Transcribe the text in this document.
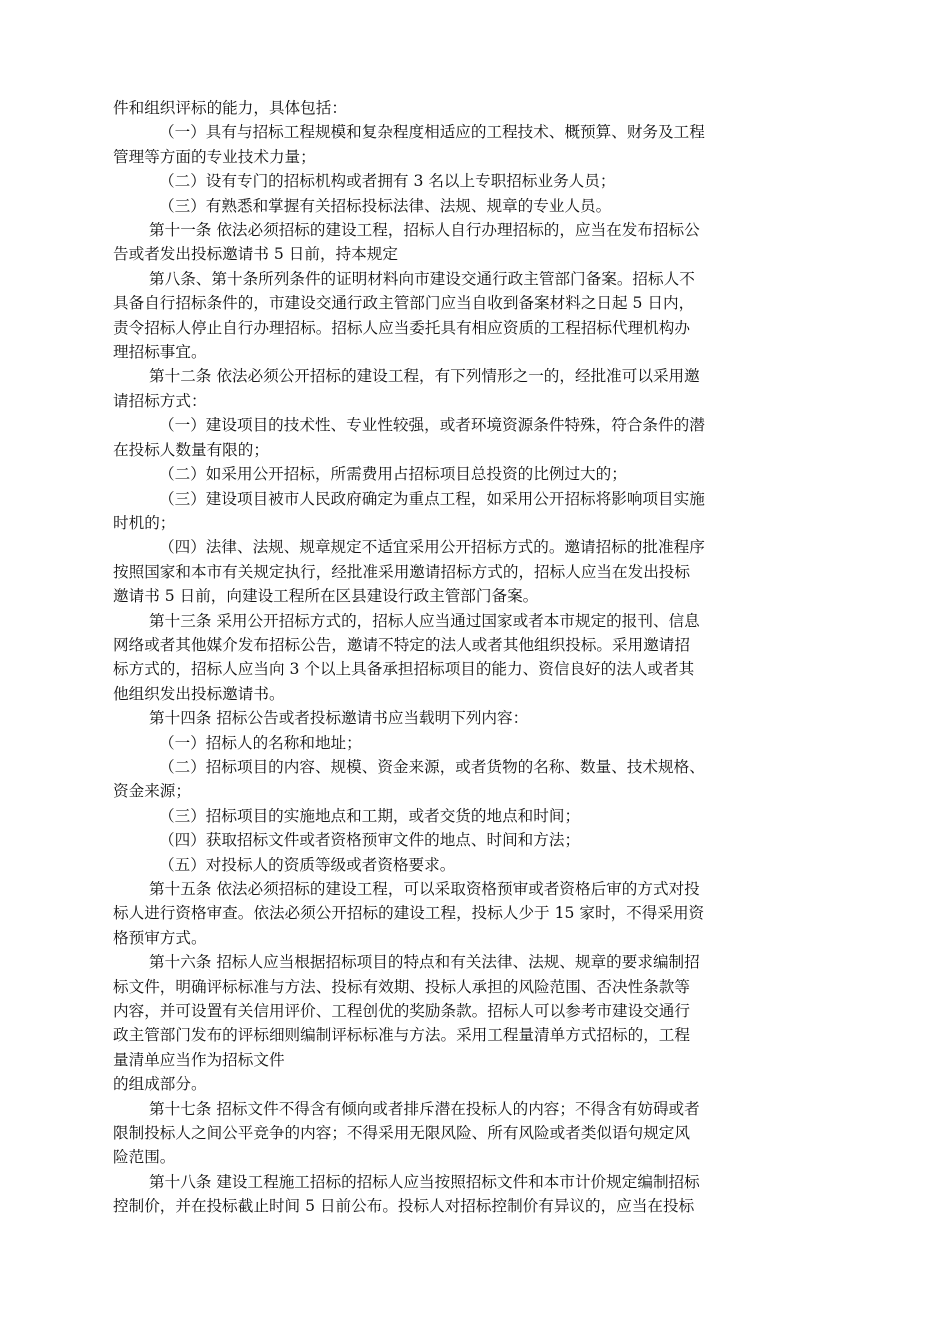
件和组织评标的能力，具体包括：

（一）具有与招标工程规模和复杂程度相适应的工程技术、概预算、财务及工程

管理等方面的专业技术力量；

（二）设有专门的招标机构或者拥有 3 名以上专职招标业务人员；

（三）有熟悉和掌握有关招标投标法律、法规、规章的专业人员。

第十一条 依法必须招标的建设工程，招标人自行办理招标的，应当在发布招标公

告或者发出投标邀请书 5 日前，持本规定

第八条、第十条所列条件的证明材料向市建设交通行政主管部门备案。招标人不

具备自行招标条件的，市建设交通行政主管部门应当自收到备案材料之日起 5 日内，

责令招标人停止自行办理招标。招标人应当委托具有相应资质的工程招标代理机构办

理招标事宜。

第十二条 依法必须公开招标的建设工程，有下列情形之一的，经批准可以采用邀

请招标方式：

（一）建设项目的技术性、专业性较强，或者环境资源条件特殊，符合条件的潜

在投标人数量有限的；

（二）如采用公开招标，所需费用占招标项目总投资的比例过大的；

（三）建设项目被市人民政府确定为重点工程，如采用公开招标将影响项目实施

时机的；

（四）法律、法规、规章规定不适宜采用公开招标方式的。邀请招标的批准程序

按照国家和本市有关规定执行，经批准采用邀请招标方式的，招标人应当在发出投标

邀请书 5 日前，向建设工程所在区县建设行政主管部门备案。

第十三条 采用公开招标方式的，招标人应当通过国家或者本市规定的报刊、信息

网络或者其他媒介发布招标公告，邀请不特定的法人或者其他组织投标。采用邀请招

标方式的，招标人应当向 3 个以上具备承担招标项目的能力、资信良好的法人或者其

他组织发出投标邀请书。

第十四条 招标公告或者投标邀请书应当载明下列内容：

（一）招标人的名称和地址；

（二）招标项目的内容、规模、资金来源，或者货物的名称、数量、技术规格、

资金来源；

（三）招标项目的实施地点和工期，或者交货的地点和时间；

（四）获取招标文件或者资格预审文件的地点、时间和方法；

（五）对投标人的资质等级或者资格要求。

第十五条 依法必须招标的建设工程，可以采取资格预审或者资格后审的方式对投

标人进行资格审查。依法必须公开招标的建设工程，投标人少于 15 家时，不得采用资

格预审方式。

第十六条 招标人应当根据招标项目的特点和有关法律、法规、规章的要求编制招

标文件，明确评标标准与方法、投标有效期、投标人承担的风险范围、否决性条款等

内容，并可设置有关信用评价、工程创优的奖励条款。招标人可以参考市建设交通行

政主管部门发布的评标细则编制评标标准与方法。采用工程量清单方式招标的，工程

量清单应当作为招标文件

的组成部分。

第十七条 招标文件不得含有倾向或者排斥潜在投标人的内容；不得含有妨碍或者

限制投标人之间公平竞争的内容；不得采用无限风险、所有风险或者类似语句规定风

险范围。

第十八条 建设工程施工招标的招标人应当按照招标文件和本市计价规定编制招标

控制价，并在投标截止时间 5 日前公布。投标人对招标控制价有异议的，应当在投标
